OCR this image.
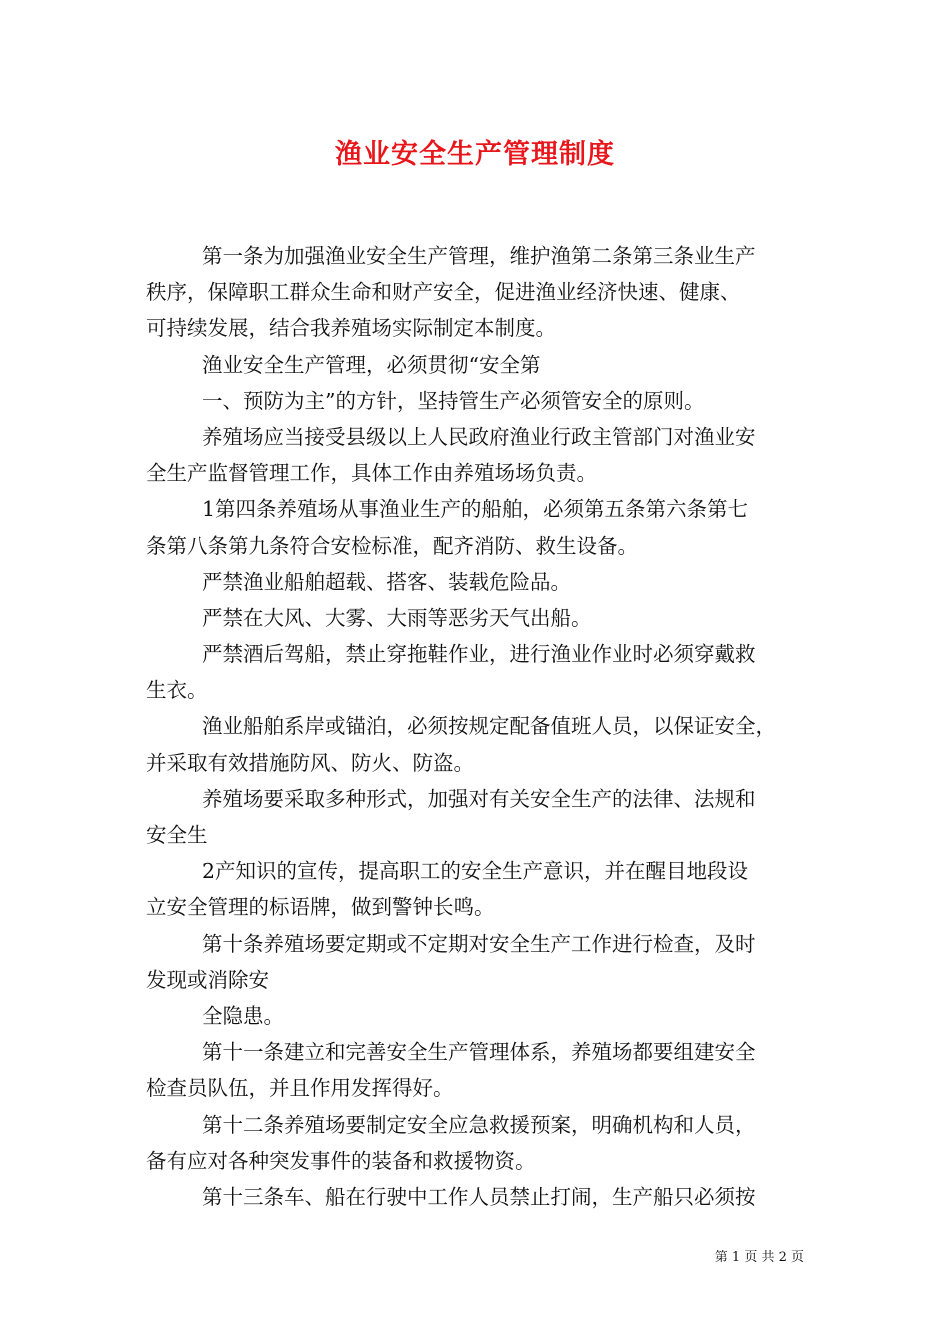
渔业安全生产管理制度
第一条为加强渔业安全生产管理，维护渔第二条第三条业生产
秩序，保障职工群众生命和财产安全，促进渔业经济快速、健康、
可持续发展，结合我养殖场实际制定本制度。
渔业安全生产管理，必须贯彻“安全第
一、预防为主”的方针，坚持管生产必须管安全的原则。
养殖场应当接受县级以上人民政府渔业行政主管部门对渔业安
全生产监督管理工作，具体工作由养殖场场负责。
1第四条养殖场从事渔业生产的船舶，必须第五条第六条第七
条第八条第九条符合安检标准，配齐消防、救生设备。
严禁渔业船舶超载、搭客、装载危险品。
严禁在大风、大雾、大雨等恶劣天气出船。
严禁酒后驾船，禁止穿拖鞋作业，进行渔业作业时必须穿戴救
生衣。
渔业船舶系岸或锚泊，必须按规定配备值班人员，以保证安全，
并采取有效措施防风、防火、防盗。
养殖场要采取多种形式，加强对有关安全生产的法律、法规和
安全生
2产知识的宣传，提高职工的安全生产意识，并在醒目地段设
立安全管理的标语牌，做到警钟长鸣。
第十条养殖场要定期或不定期对安全生产工作进行检查，及时
发现或消除安
全隐患。
第十一条建立和完善安全生产管理体系，养殖场都要组建安全
检查员队伍，并且作用发挥得好。
第十二条养殖场要制定安全应急救援预案，明确机构和人员，
备有应对各种突发事件的装备和救援物资。
第十三条车、船在行驶中工作人员禁止打闹，生产船只必须按
第 1 页 共 2 页
